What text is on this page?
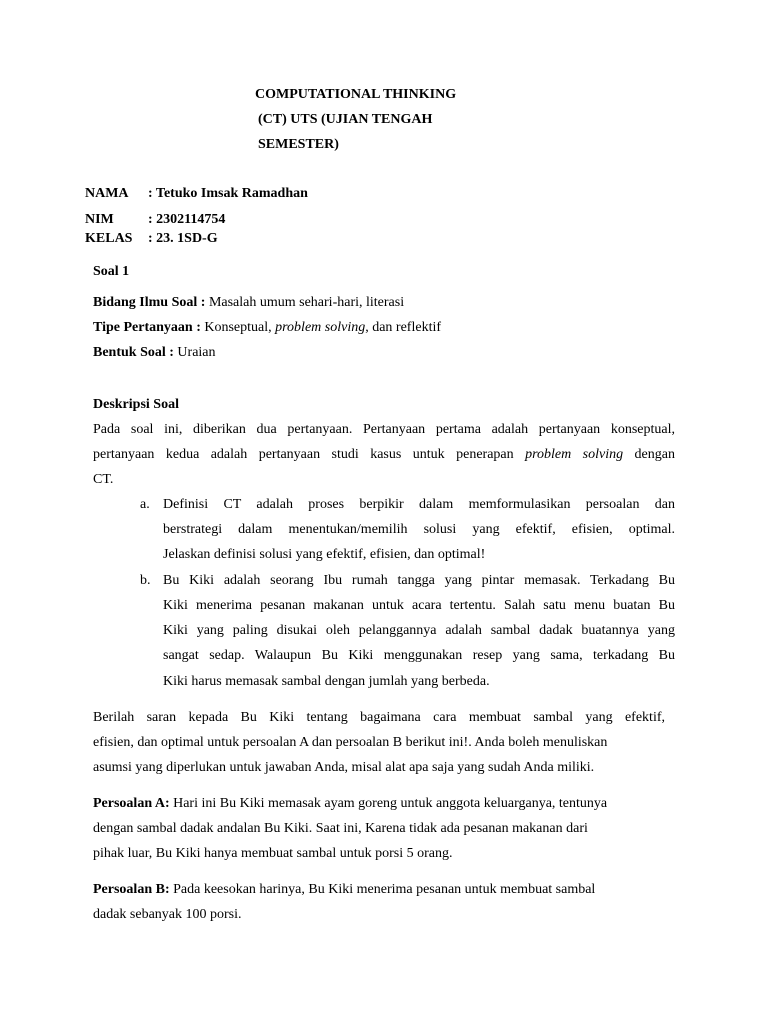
COMPUTATIONAL THINKING
(CT) UTS (UJIAN TENGAH
SEMESTER)
NAMA : Tetuko Imsak Ramadhan
NIM : 2302114754
KELAS : 23. 1SD-G
Soal 1
Bidang Ilmu Soal : Masalah umum sehari-hari, literasi
Tipe Pertanyaan : Konseptual, problem solving, dan reflektif
Bentuk Soal : Uraian
Deskripsi Soal
Pada soal ini, diberikan dua pertanyaan. Pertanyaan pertama adalah pertanyaan konseptual,
pertanyaan kedua adalah pertanyaan studi kasus untuk penerapan problem solving dengan
CT.
a. Definisi CT adalah proses berpikir dalam memformulasikan persoalan dan
berstrategi dalam menentukan/memilih solusi yang efektif, efisien, optimal.
Jelaskan definisi solusi yang efektif, efisien, dan optimal!
b. Bu Kiki adalah seorang Ibu rumah tangga yang pintar memasak. Terkadang Bu
Kiki menerima pesanan makanan untuk acara tertentu. Salah satu menu buatan Bu
Kiki yang paling disukai oleh pelanggannya adalah sambal dadak buatannya yang
sangat sedap. Walaupun Bu Kiki menggunakan resep yang sama, terkadang Bu
Kiki harus memasak sambal dengan jumlah yang berbeda.
Berilah saran kepada Bu Kiki tentang bagaimana cara membuat sambal yang efektif,
efisien, dan optimal untuk persoalan A dan persoalan B berikut ini!. Anda boleh menuliskan
asumsi yang diperlukan untuk jawaban Anda, misal alat apa saja yang sudah Anda miliki.
Persoalan A: Hari ini Bu Kiki memasak ayam goreng untuk anggota keluarganya, tentunya
dengan sambal dadak andalan Bu Kiki. Saat ini, Karena tidak ada pesanan makanan dari
pihak luar, Bu Kiki hanya membuat sambal untuk porsi 5 orang.
Persoalan B: Pada keesokan harinya, Bu Kiki menerima pesanan untuk membuat sambal
dadak sebanyak 100 porsi.
